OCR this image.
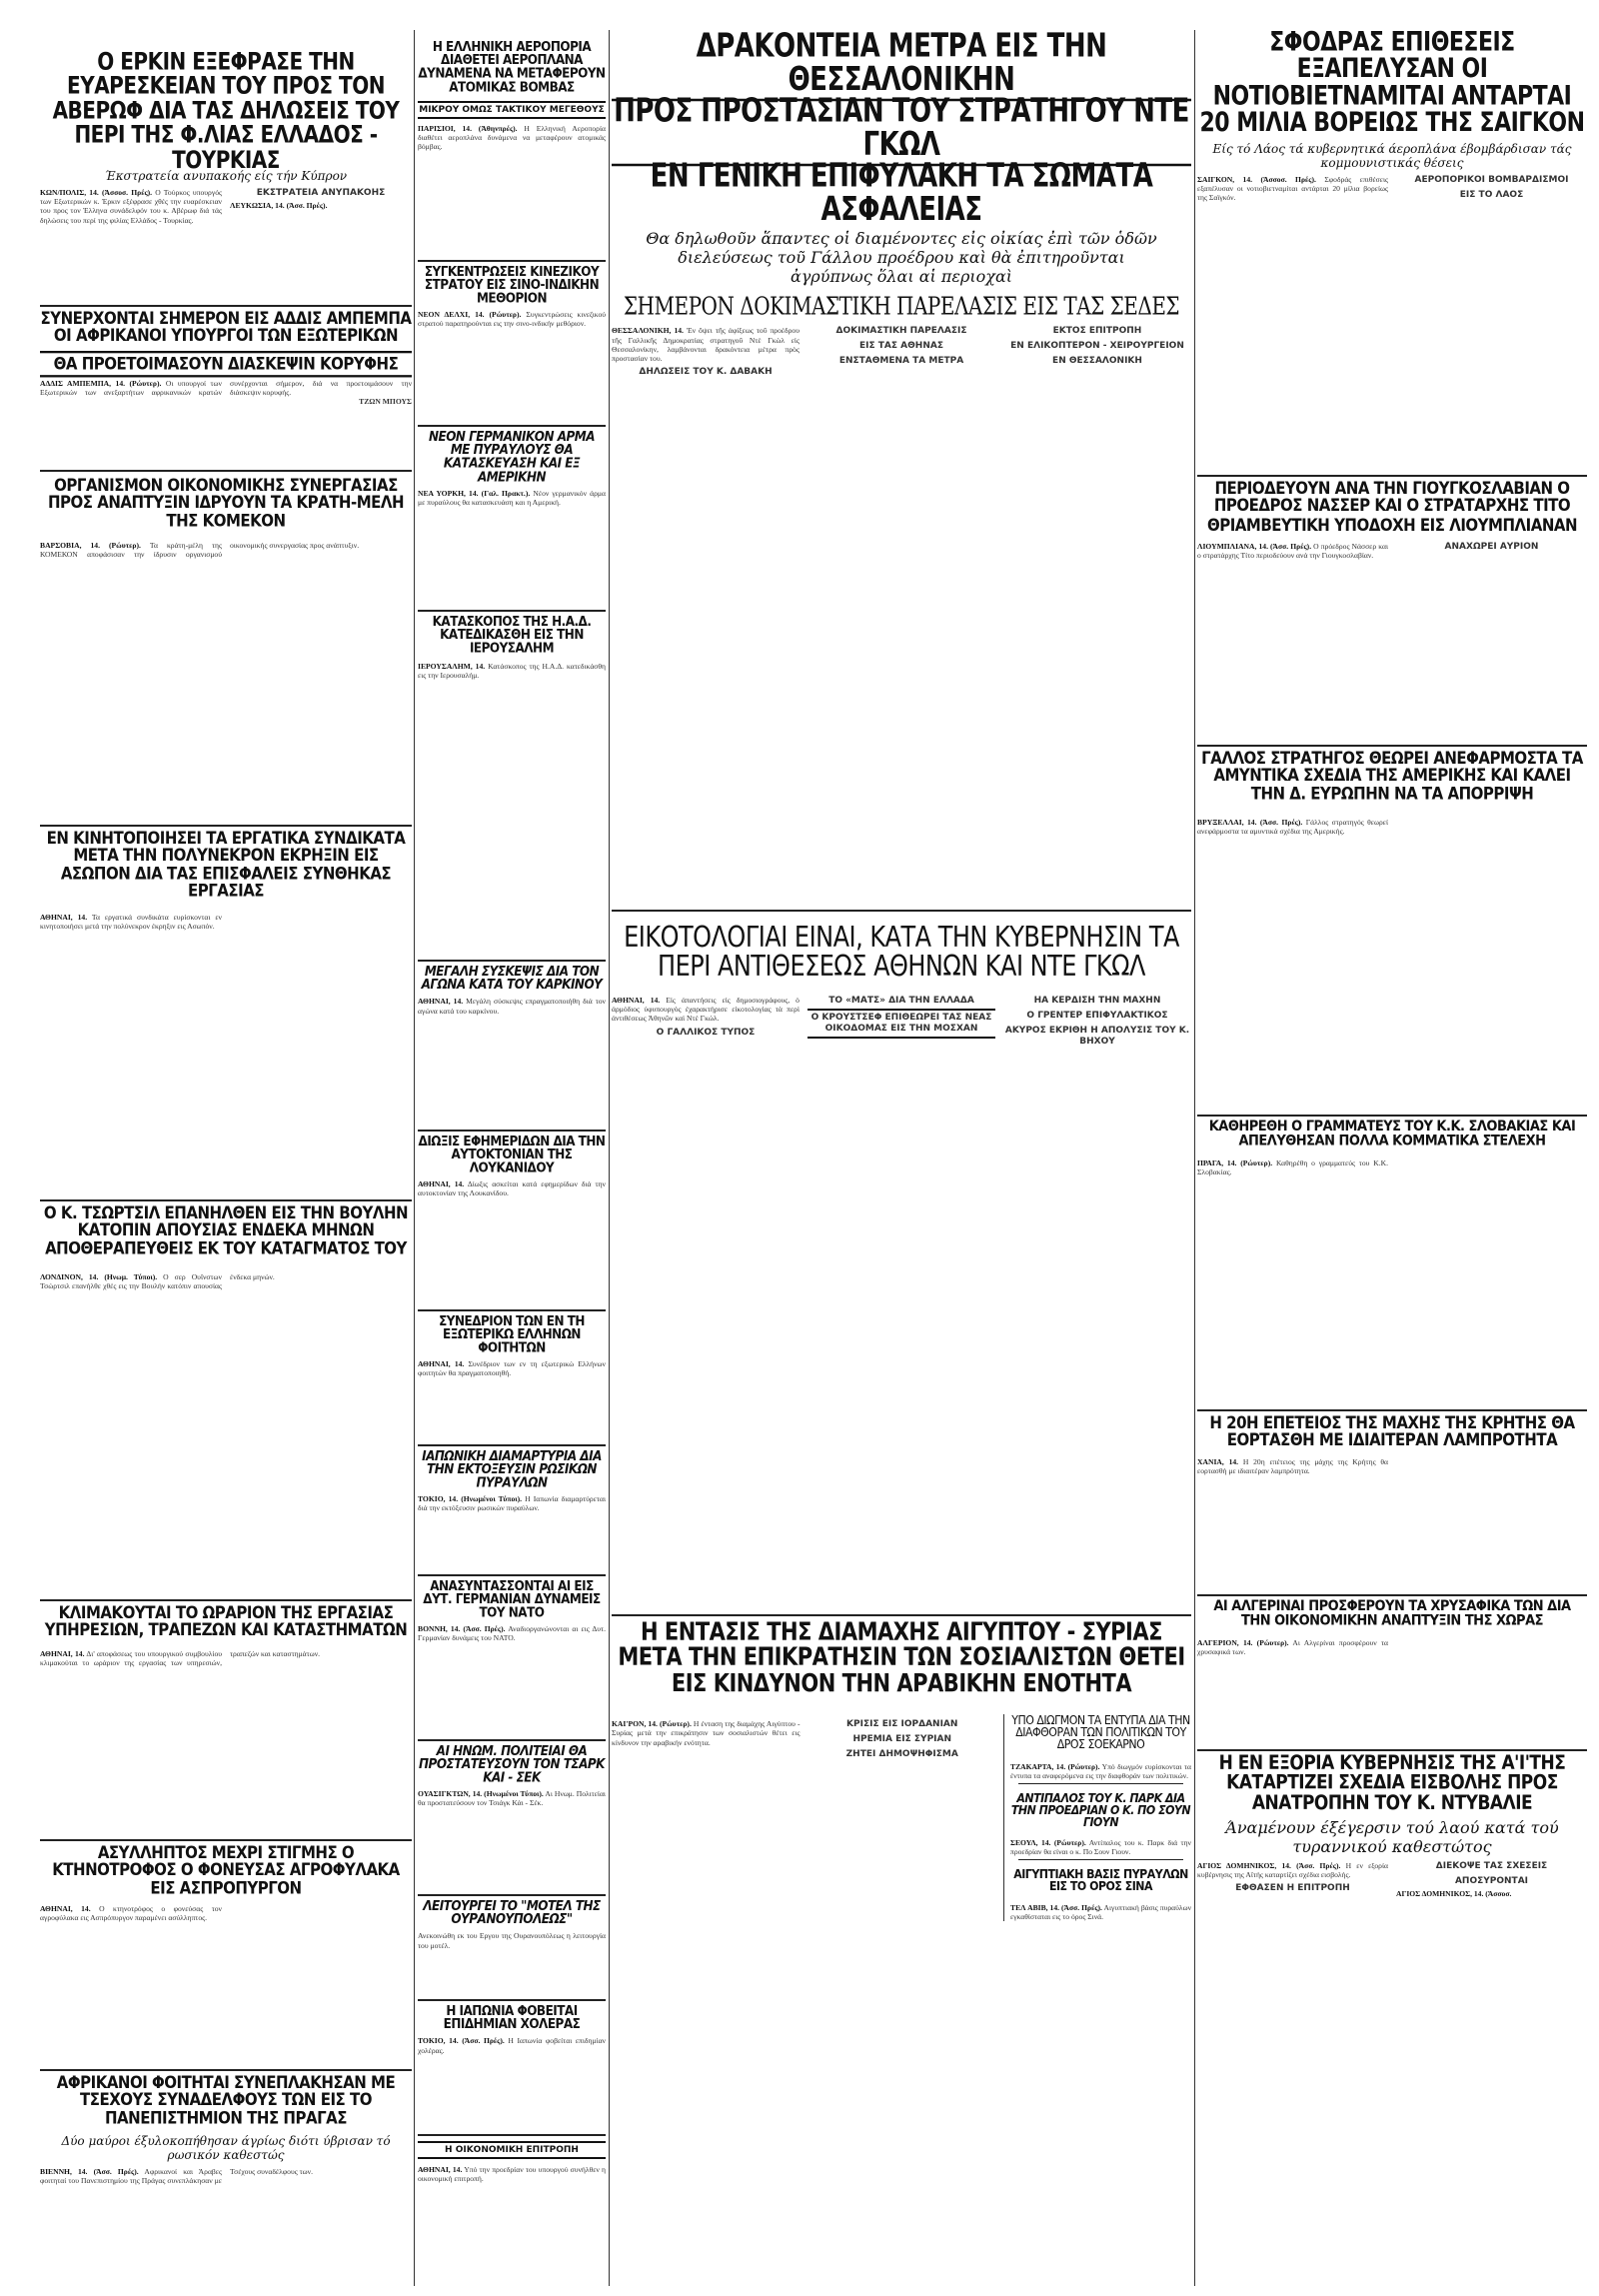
Ο ΕΡΚΙΝ ΕΞΕΦΡΑΣΕ ΤΗΝ ΕΥΑΡΕΣΚΕΙΑΝ ΤΟΥ ΠΡΟΣ ΤΟΝ ΑΒΕΡΩΦ ΔΙΑ ΤΑΣ ΔΗΛΩΣΕΙΣ ΤΟΥ ΠΕΡΙ ΤΗΣ Φ.ΛΙΑΣ ΕΛΛΑΔΟΣ - ΤΟΥΡΚΙΑΣ
Έκστρατεία ανυπακοής είς τήν Κύπρον
ΚΩΝ/ΠΟΛΙΣ, 14. (Άσσοσ. Πρές). Ο Τούρκος υπουργός των Εξωτερικών κ. Έρκιν εξέφρασε χθές την ευαρέσκειαν του προς τον Έλληνα συνάδελφόν του κ. Αβέρωφ διά τάς δηλώσεις του περί της φιλίας Ελλάδος - Τουρκίας.
ΕΚΣΤΡΑΤΕΙΑ ΑΝΥΠΑΚΟΗΣ
ΛΕΥΚΩΣΙΑ, 14. (Άσσ. Πρές).
ΣΥΝΕΡΧΟΝΤΑΙ ΣΗΜΕΡΟΝ ΕΙΣ ΑΔΔΙΣ ΑΜΠΕΜΠΑ ΟΙ ΑΦΡΙΚΑΝΟΙ ΥΠΟΥΡΓΟΙ ΤΩΝ ΕΞΩΤΕΡΙΚΩΝ
ΘΑ ΠΡΟΕΤΟΙΜΑΣΟΥΝ ΔΙΑΣΚΕΨΙΝ ΚΟΡΥΦΗΣ
ΑΔΔΙΣ ΑΜΠΕΜΠΑ, 14. (Ρώυτερ). Οι υπουργοί των Εξωτερικών των ανεξαρτήτων αφρικανικών κρατών συνέρχονται σήμερον, διά να προετοιμάσουν την διάσκεψιν κορυφής.
ΤΖΩΝ ΜΠΟΥΣ
ΟΡΓΑΝΙΣΜΟΝ ΟΙΚΟΝΟΜΙΚΗΣ ΣΥΝΕΡΓΑΣΙΑΣ ΠΡΟΣ ΑΝΑΠΤΥΞΙΝ ΙΔΡΥΟΥΝ ΤΑ ΚΡΑΤΗ-ΜΕΛΗ ΤΗΣ ΚΟΜΕΚΟΝ
ΒΑΡΣΟΒΙΑ, 14. (Ρώυτερ). Τα κράτη-μέλη της ΚΟΜΕΚΟΝ αποφάσισαν την ίδρυσιν οργανισμού οικονομικής συνεργασίας προς ανάπτυξιν.
ΕΝ ΚΙΝΗΤΟΠΟΙΗΣΕΙ ΤΑ ΕΡΓΑΤΙΚΑ ΣΥΝΔΙΚΑΤΑ ΜΕΤΑ ΤΗΝ ΠΟΛΥΝΕΚΡΟΝ ΕΚΡΗΞΙΝ ΕΙΣ ΑΣΩΠΟΝ ΔΙΑ ΤΑΣ ΕΠΙΣΦΑΛΕΙΣ ΣΥΝΘΗΚΑΣ ΕΡΓΑΣΙΑΣ
ΑΘΗΝΑΙ, 14. Τα εργατικά συνδικάτα ευρίσκονται εν κινητοποιήσει μετά την πολύνεκρον έκρηξιν εις Ασωπόν.
Ο Κ. ΤΣΩΡΤΣΙΛ ΕΠΑΝΗΛΘΕΝ ΕΙΣ ΤΗΝ ΒΟΥΛΗΝ ΚΑΤΟΠΙΝ ΑΠΟΥΣΙΑΣ ΕΝΔΕΚΑ ΜΗΝΩΝ ΑΠΟΘΕΡΑΠΕΥΘΕΙΣ ΕΚ ΤΟΥ ΚΑΤΑΓΜΑΤΟΣ ΤΟΥ
ΛΟΝΔΙΝΟΝ, 14. (Ηνωμ. Τύποι). Ο σερ Ουΐνστων Τσώρτσιλ επανήλθε χθές εις την Βουλήν κατόπιν απουσίας ένδεκα μηνών.
ΚΛΙΜΑΚΟΥΤΑΙ ΤΟ ΩΡΑΡΙΟΝ ΤΗΣ ΕΡΓΑΣΙΑΣ ΥΠΗΡΕΣΙΩΝ, ΤΡΑΠΕΖΩΝ ΚΑΙ ΚΑΤΑΣΤΗΜΑΤΩΝ
ΑΘΗΝΑΙ, 14. Δι' αποφάσεως του υπουργικού συμβουλίου κλιμακούται το ωράριον της εργασίας των υπηρεσιών, τραπεζών και καταστημάτων.
ΑΣΥΛΛΗΠΤΟΣ ΜΕΧΡΙ ΣΤΙΓΜΗΣ Ο ΚΤΗΝΟΤΡΟΦΟΣ Ο ΦΟΝΕΥΣΑΣ ΑΓΡΟΦΥΛΑΚΑ ΕΙΣ ΑΣΠΡΟΠΥΡΓΟΝ
ΑΘΗΝΑΙ, 14. Ο κτηνοτρόφος ο φονεύσας τον αγροφύλακα εις Ασπρόπυργον παραμένει ασύλληπτος.
ΑΦΡΙΚΑΝΟΙ ΦΟΙΤΗΤΑΙ ΣΥΝΕΠΛΑΚΗΣΑΝ ΜΕ ΤΣΕΧΟΥΣ ΣΥΝΑΔΕΛΦΟΥΣ ΤΩΝ ΕΙΣ ΤΟ ΠΑΝΕΠΙΣΤΗΜΙΟΝ ΤΗΣ ΠΡΑΓΑΣ
Δύο μαύροι έξυλοκοπήθησαν άγρίως διότι ύβρισαν τό ρωσικόν καθεστώς
ΒΙΕΝΝΗ, 14. (Άσσ. Πρές). Αφρικανοί και Άραβες φοιτηταί του Πανεπιστημίου της Πράγας συνεπλάκησαν με Τσέχους συναδέλφους των.
Η ΕΛΛΗΝΙΚΗ ΑΕΡΟΠΟΡΙΑ ΔΙΑΘΕΤΕΙ ΑΕΡΟΠΛΑΝΑ ΔΥΝΑΜΕΝΑ ΝΑ ΜΕΤΑΦΕΡΟΥΝ ΑΤΟΜΙΚΑΣ ΒΟΜΒΑΣ
ΜΙΚΡΟΥ ΟΜΩΣ ΤΑΚΤΙΚΟΥ ΜΕΓΕΘΟΥΣ
ΠΑΡΙΣΙΟΙ, 14. (Άθηνπρές). Η Ελληνική Αεροπορία διαθέτει αεροπλάνα δυνάμενα να μεταφέρουν ατομικάς βόμβας.
ΣΥΓΚΕΝΤΡΩΣΕΙΣ ΚΙΝΕΖΙΚΟΥ ΣΤΡΑΤΟΥ ΕΙΣ ΣΙΝΟ-ΙΝΔΙΚΗΝ ΜΕΘΟΡΙΟΝ
ΝΕΟΝ ΔΕΛΧΙ, 14. (Ρώυτερ). Συγκεντρώσεις κινεζικού στρατού παρατηρούνται εις την σινο-ινδικήν μεθόριον.
ΝΕΟΝ ΓΕΡΜΑΝΙΚΟΝ ΑΡΜΑ ΜΕ ΠΥΡΑΥΛΟΥΣ ΘΑ ΚΑΤΑΣΚΕΥΑΣΗ ΚΑΙ ΕΞ ΑΜΕΡΙΚΗΝ
ΝΕΑ ΥΟΡΚΗ, 14. (Γαλ. Πρακτ.). Νέον γερμανικόν άρμα με πυραύλους θα κατασκευάση και η Αμερική.
ΚΑΤΑΣΚΟΠΟΣ ΤΗΣ Η.Α.Δ. ΚΑΤΕΔΙΚΑΣΘΗ ΕΙΣ ΤΗΝ ΙΕΡΟΥΣΑΛΗΜ
ΙΕΡΟΥΣΑΛΗΜ, 14. Κατάσκοπος της Η.Α.Δ. κατεδικάσθη εις την Ιερουσαλήμ.
ΜΕΓΑΛΗ ΣΥΣΚΕΨΙΣ ΔΙΑ ΤΟΝ ΑΓΩΝΑ ΚΑΤΑ ΤΟΥ ΚΑΡΚΙΝΟΥ
ΑΘΗΝΑΙ, 14. Μεγάλη σύσκεψις επραγματοποιήθη διά τον αγώνα κατά του καρκίνου.
ΔΙΩΞΙΣ ΕΦΗΜΕΡΙΔΩΝ ΔΙΑ ΤΗΝ ΑΥΤΟΚΤΟΝΙΑΝ ΤΗΣ ΛΟΥΚΑΝΙΔΟΥ
ΑΘΗΝΑΙ, 14. Δίωξις ασκείται κατά εφημερίδων διά την αυτοκτονίαν της Λουκανίδου.
ΣΥΝΕΔΡΙΟΝ ΤΩΝ ΕΝ ΤΗ ΕΞΩΤΕΡΙΚΩ ΕΛΛΗΝΩΝ ΦΟΙΤΗΤΩΝ
ΑΘΗΝΑΙ, 14. Συνέδριον των εν τη εξωτερικώ Ελλήνων φοιτητών θα πραγματοποιηθή.
ΙΑΠΩΝΙΚΗ ΔΙΑΜΑΡΤΥΡΙΑ ΔΙΑ ΤΗΝ ΕΚΤΟΞΕΥΣΙΝ ΡΩΣΙΚΩΝ ΠΥΡΑΥΛΩΝ
ΤΟΚΙΟ, 14. (Ηνωμένοι Τύποι). Η Ιαπωνία διαμαρτύρεται διά την εκτόξευσιν ρωσικών πυραύλων.
ΑΝΑΣΥΝΤΑΣΣΟΝΤΑΙ ΑΙ ΕΙΣ ΔΥΤ. ΓΕΡΜΑΝΙΑΝ ΔΥΝΑΜΕΙΣ ΤΟΥ ΝΑΤΟ
ΒΟΝΝΗ, 14. (Άσσ. Πρές). Αναδιοργανώνονται αι εις Δυτ. Γερμανίαν δυνάμεις του ΝΑΤΟ.
ΑΙ ΗΝΩΜ. ΠΟΛΙΤΕΙΑΙ ΘΑ ΠΡΟΣΤΑΤΕΥΣΟΥΝ ΤΟΝ ΤΣΑΡΚ ΚΑΙ - ΣΕΚ
ΟΥΑΣΙΓΚΤΩΝ, 14. (Ηνωμένοι Τύποι). Αι Ηνωμ. Πολιτείαι θα προστατεύσουν τον Τσιάγκ Κάι - Σέκ.
ΛΕΙΤΟΥΡΓΕΙ ΤΟ "ΜΟΤΕΛ ΤΗΣ ΟΥΡΑΝΟΥΠΟΛΕΩΣ"
Ανεκοινώθη εκ του Εργου της Ουρανουπόλεως η λειτουργία του μοτέλ.
Η ΙΑΠΩΝΙΑ ΦΟΒΕΙΤΑΙ ΕΠΙΔΗΜΙΑΝ ΧΟΛΕΡΑΣ
ΤΟΚΙΟ, 14. (Άσσ. Πρές). Η Ιαπωνία φοβείται επιδημίαν χολέρας.
Η ΟΙΚΟΝΟΜΙΚΗ ΕΠΙΤΡΟΠΗ
ΑΘΗΝΑΙ, 14. Υπό την προεδρίαν του υπουργού συνήλθεν η οικονομική επιτροπή.
ΔΡΑΚΟΝΤΕΙΑ ΜΕΤΡΑ ΕΙΣ ΤΗΝ ΘΕΣΣΑΛΟΝΙΚΗΝ
ΠΡΟΣ ΠΡΟΣΤΑΣΙΑΝ ΤΟΥ ΣΤΡΑΤΗΓΟΥ ΝΤΕ ΓΚΩΛ
ΕΝ ΓΕΝΙΚΗ ΕΠΙΦΥΛΑΚΗ ΤΑ ΣΩΜΑΤΑ ΑΣΦΑΛΕΙΑΣ
Θα δηλωθοῦν ἅπαντες οἱ διαμένοντες εἰς οἰκίας ἐπὶ τῶν ὁδῶν διελεύσεως τοῦ Γάλλου προέδρου καὶ θὰ ἐπιτηροῦνται ἀγρύπνως ὅλαι αἱ περιοχαὶ
ΣΗΜΕΡΟΝ ΔΟΚΙΜΑΣΤΙΚΗ ΠΑΡΕΛΑΣΙΣ ΕΙΣ ΤΑΣ ΣΕΔΕΣ
ΘΕΣΣΑΛΟΝΙΚΗ, 14. Ἐν ὄψει τῆς ἀφίξεως τοῦ προέδρου τῆς Γαλλικῆς Δημοκρατίας στρατηγοῦ Ντὲ Γκὼλ εἰς Θεσσαλονίκην, λαμβάνονται δρακόντεια μέτρα πρὸς προστασίαν του.
ΔΗΛΩΣΕΙΣ ΤΟΥ Κ. ΔΑΒΑΚΗ
ΔΟΚΙΜΑΣΤΙΚΗ ΠΑΡΕΛΑΣΙΣ
ΕΙΣ ΤΑΣ ΑΘΗΝΑΣ
ΕΝΣΤΑΘΜΕΝΑ ΤΑ ΜΕΤΡΑ
ΕΚΤΟΣ ΕΠΙΤΡΟΠΗ
ΕΝ ΕΛΙΚΟΠΤΕΡΟΝ - ΧΕΙΡΟΥΡΓΕΙΟΝ
ΕΝ ΘΕΣΣΑΛΟΝΙΚΗ
ΕΙΚΟΤΟΛΟΓΙΑΙ ΕΙΝΑΙ, ΚΑΤΑ ΤΗΝ ΚΥΒΕΡΝΗΣΙΝ ΤΑ ΠΕΡΙ ΑΝΤΙΘΕΣΕΩΣ ΑΘΗΝΩΝ ΚΑΙ ΝΤΕ ΓΚΩΛ
ΑΘΗΝΑΙ, 14. Εἰς ἀπαντήσεις εἰς δημοσιογράφους, ὁ ἀρμόδιος ὑφυπουργὸς ἐχαρακτήρισε εἰκοτολογίας τὰ περὶ ἀντιθέσεως Ἀθηνῶν καὶ Ντὲ Γκώλ.
Ο ΓΑΛΛΙΚΟΣ ΤΥΠΟΣ
ΤΟ «ΜΑΤΣ» ΔΙΑ ΤΗΝ ΕΛΛΑΔΑ
Ο ΚΡΟΥΣΤΣΕΦ ΕΠΙΘΕΩΡΕΙ ΤΑΣ ΝΕΑΣ ΟΙΚΟΔΟΜΑΣ ΕΙΣ ΤΗΝ ΜΟΣΧΑΝ
ΗΑ ΚΕΡΔΙΣΗ ΤΗΝ ΜΑΧΗΝ
Ο ΓΡΕΝΤΕΡ ΕΠΙΦΥΛΑΚΤΙΚΟΣ
ΑΚΥΡΟΣ ΕΚΡΙΘΗ Η ΑΠΟΛΥΣΙΣ ΤΟΥ Κ. ΒΗΧΟΥ
Η ΕΝΤΑΣΙΣ ΤΗΣ ΔΙΑΜΑΧΗΣ ΑΙΓΥΠΤΟΥ - ΣΥΡΙΑΣ ΜΕΤΑ ΤΗΝ ΕΠΙΚΡΑΤΗΣΙΝ ΤΩΝ ΣΟΣΙΑΛΙΣΤΩΝ ΘΕΤΕΙ ΕΙΣ ΚΙΝΔΥΝΟΝ ΤΗΝ ΑΡΑΒΙΚΗΝ ΕΝΟΤΗΤΑ
ΚΑΙ'ΡΟΝ, 14. (Ρώυτερ). Η ένταση της διαμάχης Αιγύπτου - Συρίας μετά την επικράτησιν των σοσιαλιστών θέτει εις κίνδυνον την αραβικήν ενότητα.
ΚΡΙΣΙΣ ΕΙΣ ΙΟΡΔΑΝΙΑΝ
ΗΡΕΜΙΑ ΕΙΣ ΣΥΡΙΑΝ
ΖΗΤΕΙ ΔΗΜΟΨΗΦΙΣΜΑ
ΥΠΟ ΔΙΩΓΜΟΝ ΤΑ ΕΝΤΥΠΑ ΔΙΑ ΤΗΝ ΔΙΑΦΘΟΡΑΝ ΤΩΝ ΠΟΛΙΤΙΚΩΝ ΤΟΥ ΔΡΟΣ ΣΟΕΚΑΡΝΟ
ΤΖΑΚΑΡΤΑ, 14. (Ρώυτερ). Υπό διωγμόν ευρίσκονται τα έντυπα τα αναφερόμενα εις την διαφθοράν των πολιτικών.
ΑΝΤΙΠΑΛΟΣ ΤΟΥ Κ. ΠΑΡΚ ΔΙΑ ΤΗΝ ΠΡΟΕΔΡΙΑΝ Ο Κ. ΠΟ ΣΟΥΝ ΓΙΟΥΝ
ΣΕΟΥΛ, 14. (Ρώυτερ). Αντίπαλος του κ. Παρκ διά την προεδρίαν θα είναι ο κ. Πο Σουν Γιουν.
ΑΙΓΥΠΤΙΑΚΗ ΒΑΣΙΣ ΠΥΡΑΥΛΩΝ ΕΙΣ ΤΟ ΟΡΟΣ ΣΙΝΑ
ΤΕΛ ΑΒΙΒ, 14. (Άσσ. Πρές). Αιγυπτιακή βάσις πυραύλων εγκαθίσταται εις το όρος Σινά.
ΣΦΟΔΡΑΣ ΕΠΙΘΕΣΕΙΣ ΕΞΑΠΕΛΥΣΑΝ ΟΙ ΝΟΤΙΟΒΙΕΤΝΑΜΙΤΑΙ ΑΝΤΑΡΤΑΙ 20 ΜΙΛΙΑ ΒΟΡΕΙΩΣ ΤΗΣ ΣΑΙΓΚΟΝ
Είς τό Λάος τά κυβερνητικά άεροπλάνα έβομβάρδισαν τάς κομμουνιστικάς θέσεις
ΣΑΙΓΚΟΝ, 14. (Άσσοσ. Πρές). Σφοδράς επιθέσεις εξαπέλυσαν οι νοτιοβιετναμίται αντάρται 20 μίλια βορείως της Σαϊγκόν.
ΑΕΡΟΠΟΡΙΚΟΙ ΒΟΜΒΑΡΔΙΣΜΟΙ
ΕΙΣ ΤΟ ΛΑΟΣ
ΠΕΡΙΟΔΕΥΟΥΝ ΑΝΑ ΤΗΝ ΓΙΟΥΓΚΟΣΛΑΒΙΑΝ Ο ΠΡΟΕΔΡΟΣ ΝΑΣΣΕΡ ΚΑΙ Ο ΣΤΡΑΤΑΡΧΗΣ ΤΙΤΟ
ΘΡΙΑΜΒΕΥΤΙΚΗ ΥΠΟΔΟΧΗ ΕΙΣ ΛΙΟΥΜΠΛΙΑΝΑΝ
ΛΙΟΥΜΠΛΙΑΝΑ, 14. (Άσσ. Πρές). Ο πρόεδρος Νάσσερ και ο στρατάρχης Τίτο περιοδεύουν ανά την Γιουγκοσλαβίαν.
ΑΝΑΧΩΡΕΙ ΑΥΡΙΟΝ
ΓΑΛΛΟΣ ΣΤΡΑΤΗΓΟΣ ΘΕΩΡΕΙ ΑΝΕΦΑΡΜΟΣΤΑ ΤΑ ΑΜΥΝΤΙΚΑ ΣΧΕΔΙΑ ΤΗΣ ΑΜΕΡΙΚΗΣ ΚΑΙ ΚΑΛΕΙ ΤΗΝ Δ. ΕΥΡΩΠΗΝ ΝΑ ΤΑ ΑΠΟΡΡΙΨΗ
ΒΡΥΞΕΛΛΑΙ, 14. (Άσσ. Πρές). Γάλλος στρατηγός θεωρεί ανεφάρμοστα τα αμυντικά σχέδια της Αμερικής.
ΚΑΘΗΡΕΘΗ Ο ΓΡΑΜΜΑΤΕΥΣ ΤΟΥ Κ.Κ. ΣΛΟΒΑΚΙΑΣ ΚΑΙ ΑΠΕΛΥΘΗΣΑΝ ΠΟΛΛΑ ΚΟΜΜΑΤΙΚΑ ΣΤΕΛΕΧΗ
ΠΡΑΓΑ, 14. (Ρώυτερ). Καθηρέθη ο γραμματεύς του Κ.Κ. Σλοβακίας.
Η 20Η ΕΠΕΤΕΙΟΣ ΤΗΣ ΜΑΧΗΣ ΤΗΣ ΚΡΗΤΗΣ ΘΑ ΕΟΡΤΑΣΘΗ ΜΕ ΙΔΙΑΙΤΕΡΑΝ ΛΑΜΠΡΟΤΗΤΑ
ΧΑΝΙΑ, 14. Η 20η επέτειος της μάχης της Κρήτης θα εορτασθή με ιδιαιτέραν λαμπρότητα.
ΑΙ ΑΛΓΕΡΙΝΑΙ ΠΡΟΣΦΕΡΟΥΝ ΤΑ ΧΡΥΣΑΦΙΚΑ ΤΩΝ ΔΙΑ ΤΗΝ ΟΙΚΟΝΟΜΙΚΗΝ ΑΝΑΠΤΥΞΙΝ ΤΗΣ ΧΩΡΑΣ
ΑΛΓΕΡΙΟΝ, 14. (Ρώυτερ). Αι Αλγερίναι προσφέρουν τα χρυσαφικά των.
Η ΕΝ ΕΞΟΡΙΑ ΚΥΒΕΡΝΗΣΙΣ ΤΗΣ Α'Ι'ΤΗΣ ΚΑΤΑΡΤΙΖΕΙ ΣΧΕΔΙΑ ΕΙΣΒΟΛΗΣ ΠΡΟΣ ΑΝΑΤΡΟΠΗΝ ΤΟΥ Κ. ΝΤΥΒΑΛΙΕ
Άναμένουν έξέγερσιν τού λαού κατά τού τυραννικού καθεστώτος
ΑΓΙΟΣ ΔΟΜΗΝΙΚΟΣ, 14. (Άσσ. Πρές). Η εν εξορία κυβέρνησις της Αϊτής καταρτίζει σχέδια εισβολής.
ΕΦΘΑΣΕΝ Η ΕΠΙΤΡΟΠΗ
ΔΙΕΚΟΨΕ ΤΑΣ ΣΧΕΣΕΙΣ
ΑΠΟΣΥΡΟΝΤΑΙ
ΑΓΙΟΣ ΔΟΜΗΝΙΚΟΣ, 14. (Άσσοσ.
